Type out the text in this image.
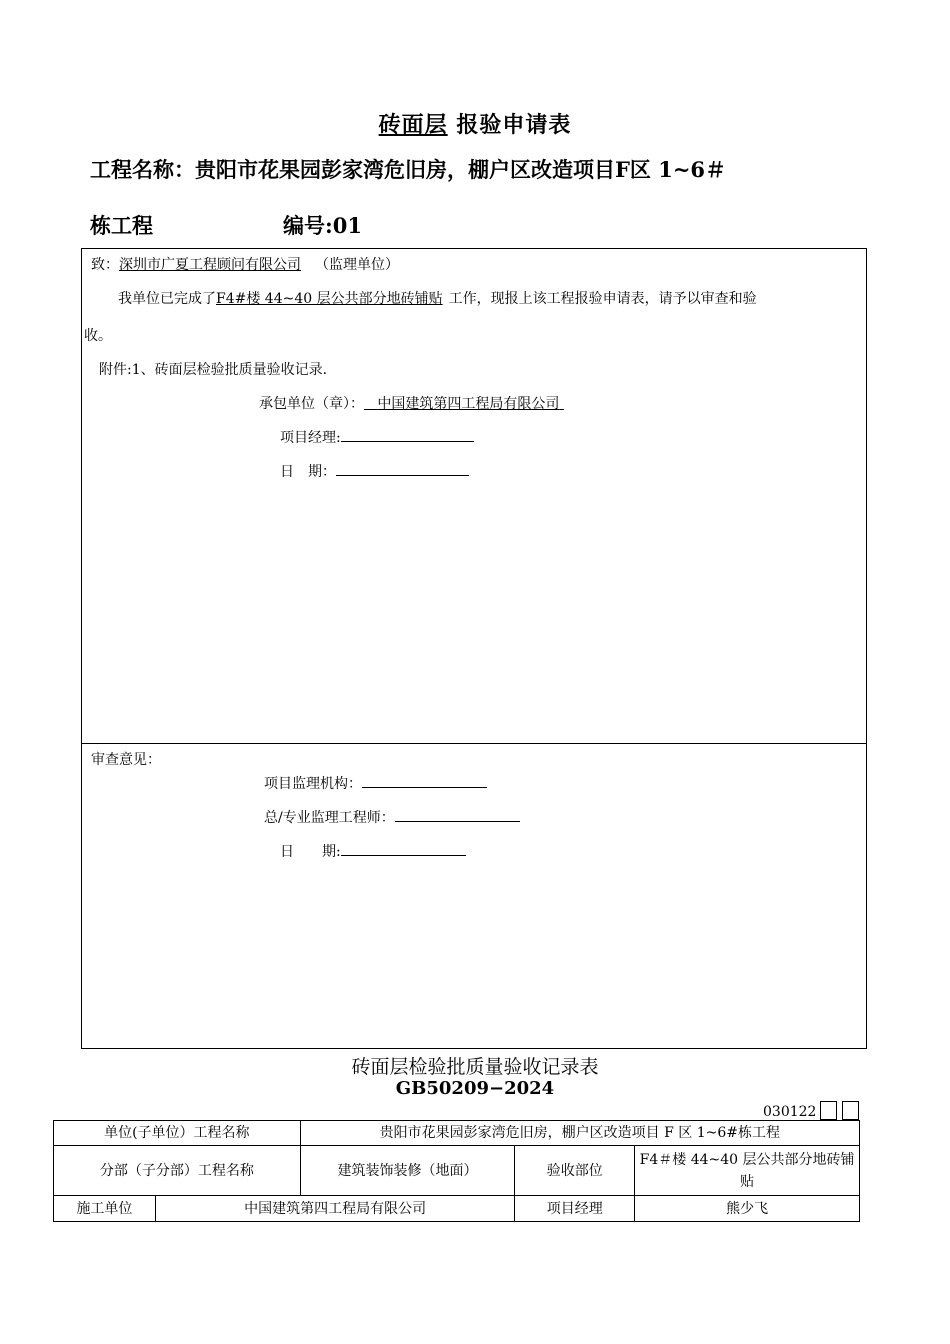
砖面层 报验申请表
工程名称：贵阳市花果园彭家湾危旧房，棚户区改造项目F区 1~6＃
栋工程	编号:01
致：深圳市广夏工程顾问有限公司 （监理单位）
我单位已完成了F4#楼 44~40 层公共部分地砖铺贴 工作，现报上该工程报验申请表，请予以审查和验
收。
附件:1、砖面层检验批质量验收记录.
承包单位（章）： 中国建筑第四工程局有限公司
项目经理:
日　期：
审查意见：
项目监理机构：
总/专业监理工程师：
日　　期:
砖面层检验批质量验收记录表
GB50209−2024
030122
单位(子单位）工程名称		贵阳市花果园彭家湾危旧房，棚户区改造项目 F 区 1~6#栋工程		
分部（子分部）工程名称		建筑装饰装修（地面）	验收部位	F4＃楼 44~40 层公共部分地砖铺贴
施工单位	中国建筑第四工程局有限公司		项目经理	熊少飞
